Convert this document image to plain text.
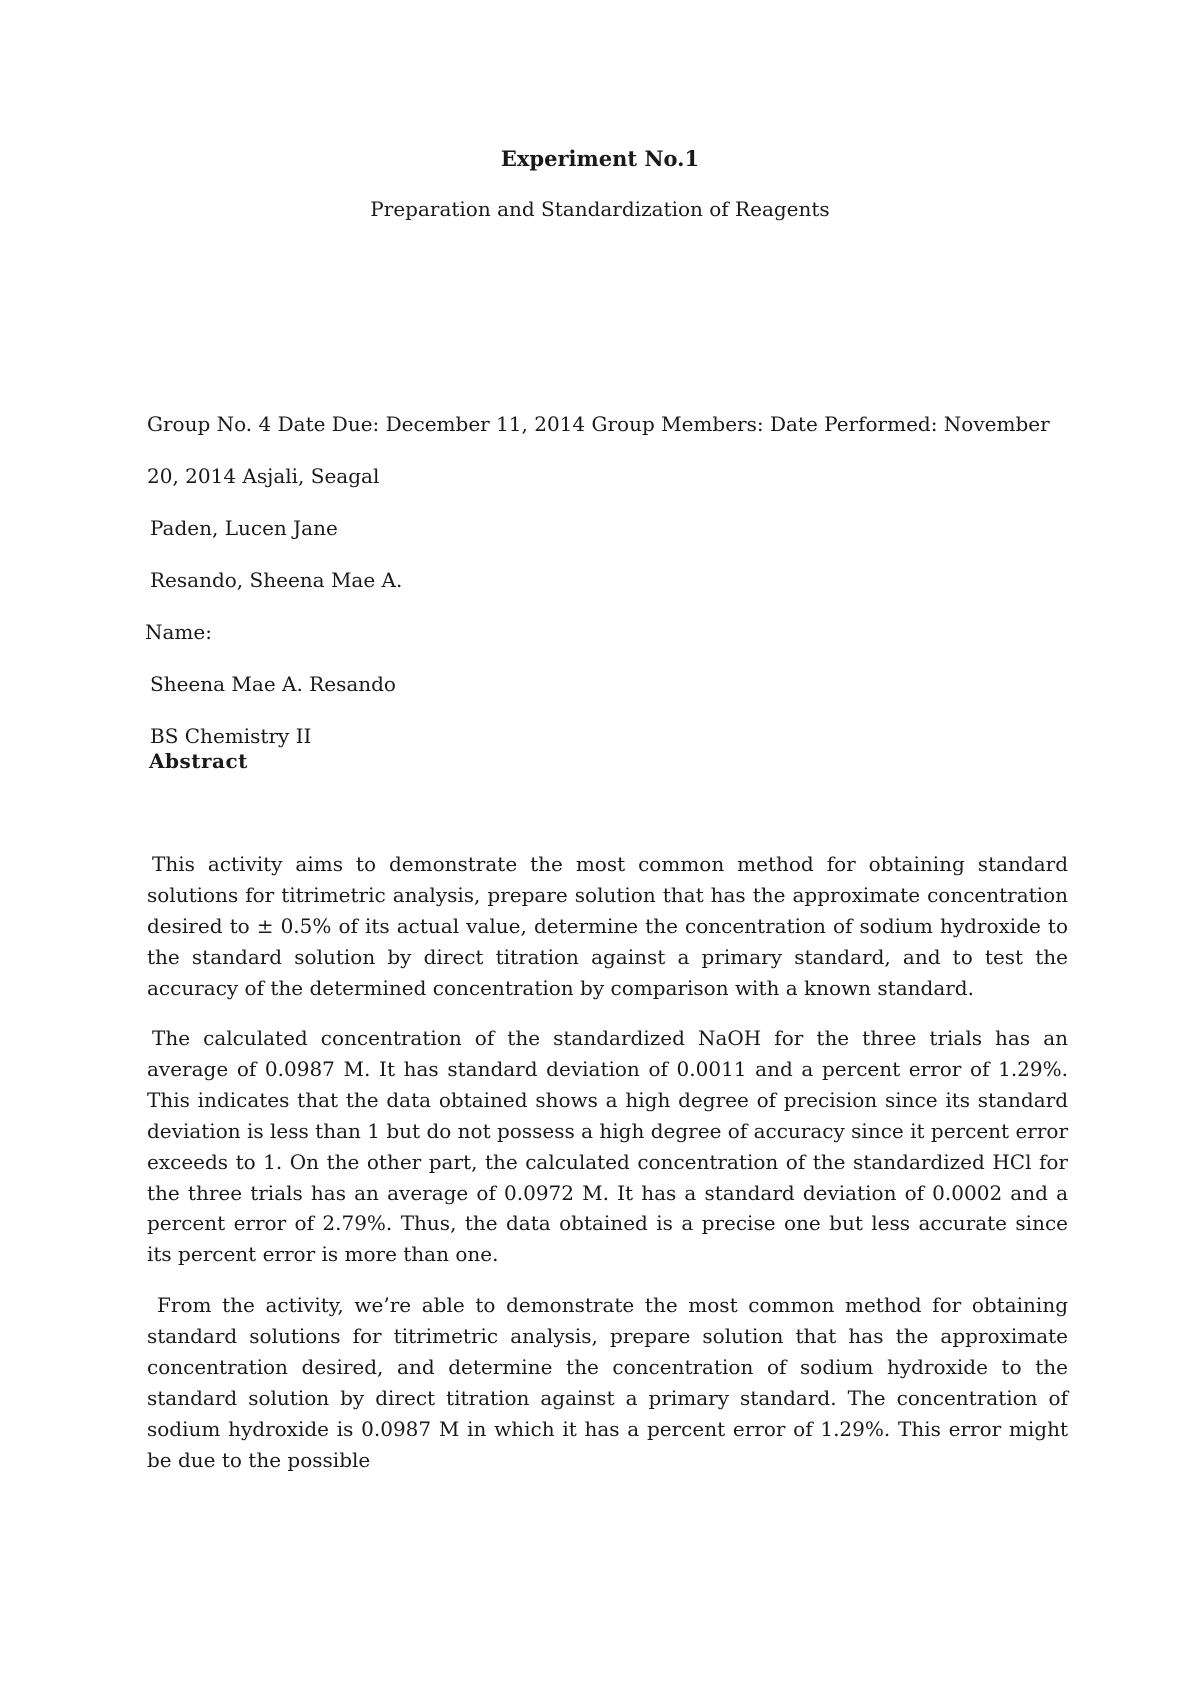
Experiment No.1
Preparation and Standardization of Reagents
Group No. 4 Date Due: December 11, 2014 Group Members: Date Performed: November
20, 2014 Asjali, Seagal
Paden, Lucen Jane
Resando, Sheena Mae A.
Name:
Sheena Mae A. Resando
BS Chemistry II
Abstract

This activity aims to demonstrate the most common method for obtaining standard solutions for titrimetric analysis, prepare solution that has the approximate concentration desired to ± 0.5% of its actual value, determine the concentration of sodium hydroxide to the standard solution by direct titration against a primary standard, and to test the accuracy of the determined concentration by comparison with a known standard.

The calculated concentration of the standardized NaOH for the three trials has an average of 0.0987 M. It has standard deviation of 0.0011 and a percent error of 1.29%. This indicates that the data obtained shows a high degree of precision since its standard deviation is less than 1 but do not possess a high degree of accuracy since it percent error exceeds to 1. On the other part, the calculated concentration of the standardized HCl for the three trials has an average of 0.0972 M. It has a standard deviation of 0.0002 and a percent error of 2.79%. Thus, the data obtained is a precise one but less accurate since its percent error is more than one.

From the activity, we’re able to demonstrate the most common method for obtaining standard solutions for titrimetric analysis, prepare solution that has the approximate concentration desired, and determine the concentration of sodium hydroxide to the standard solution by direct titration against a primary standard. The concentration of sodium hydroxide is 0.0987 M in which it has a percent error of 1.29%. This error might be due to the possible
